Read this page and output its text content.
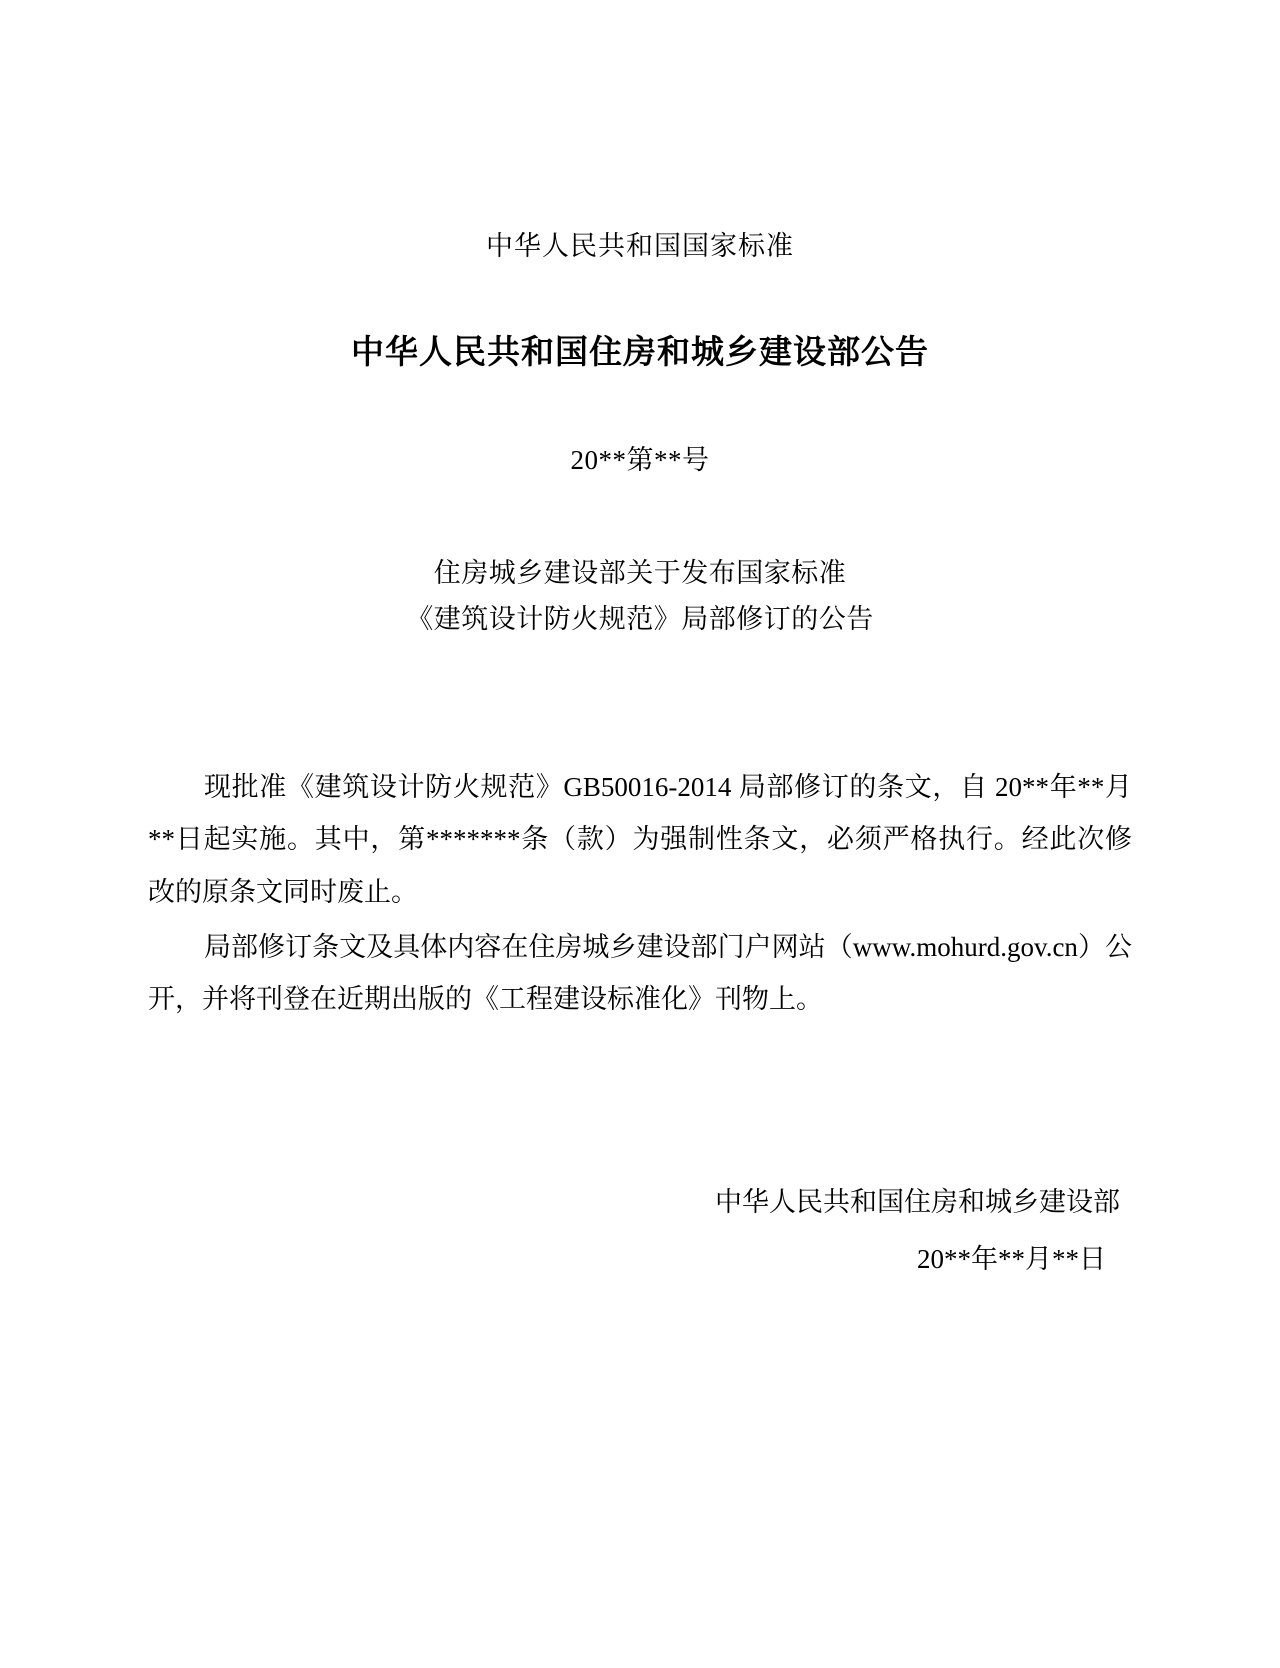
中华人民共和国国家标准
中华人民共和国住房和城乡建设部公告
20**第**号
住房城乡建设部关于发布国家标准
《建筑设计防火规范》局部修订的公告

现批准《建筑设计防火规范》GB50016-2014 局部修订的条文，自 20**年**月**日起实施。其中，第*******条（款）为强制性条文，必须严格执行。经此次修改的原条文同时废止。

局部修订条文及具体内容在住房城乡建设部门户网站（www.mohurd.gov.cn）公开，并将刊登在近期出版的《工程建设标准化》刊物上。

中华人民共和国住房和城乡建设部
20**年**月**日
